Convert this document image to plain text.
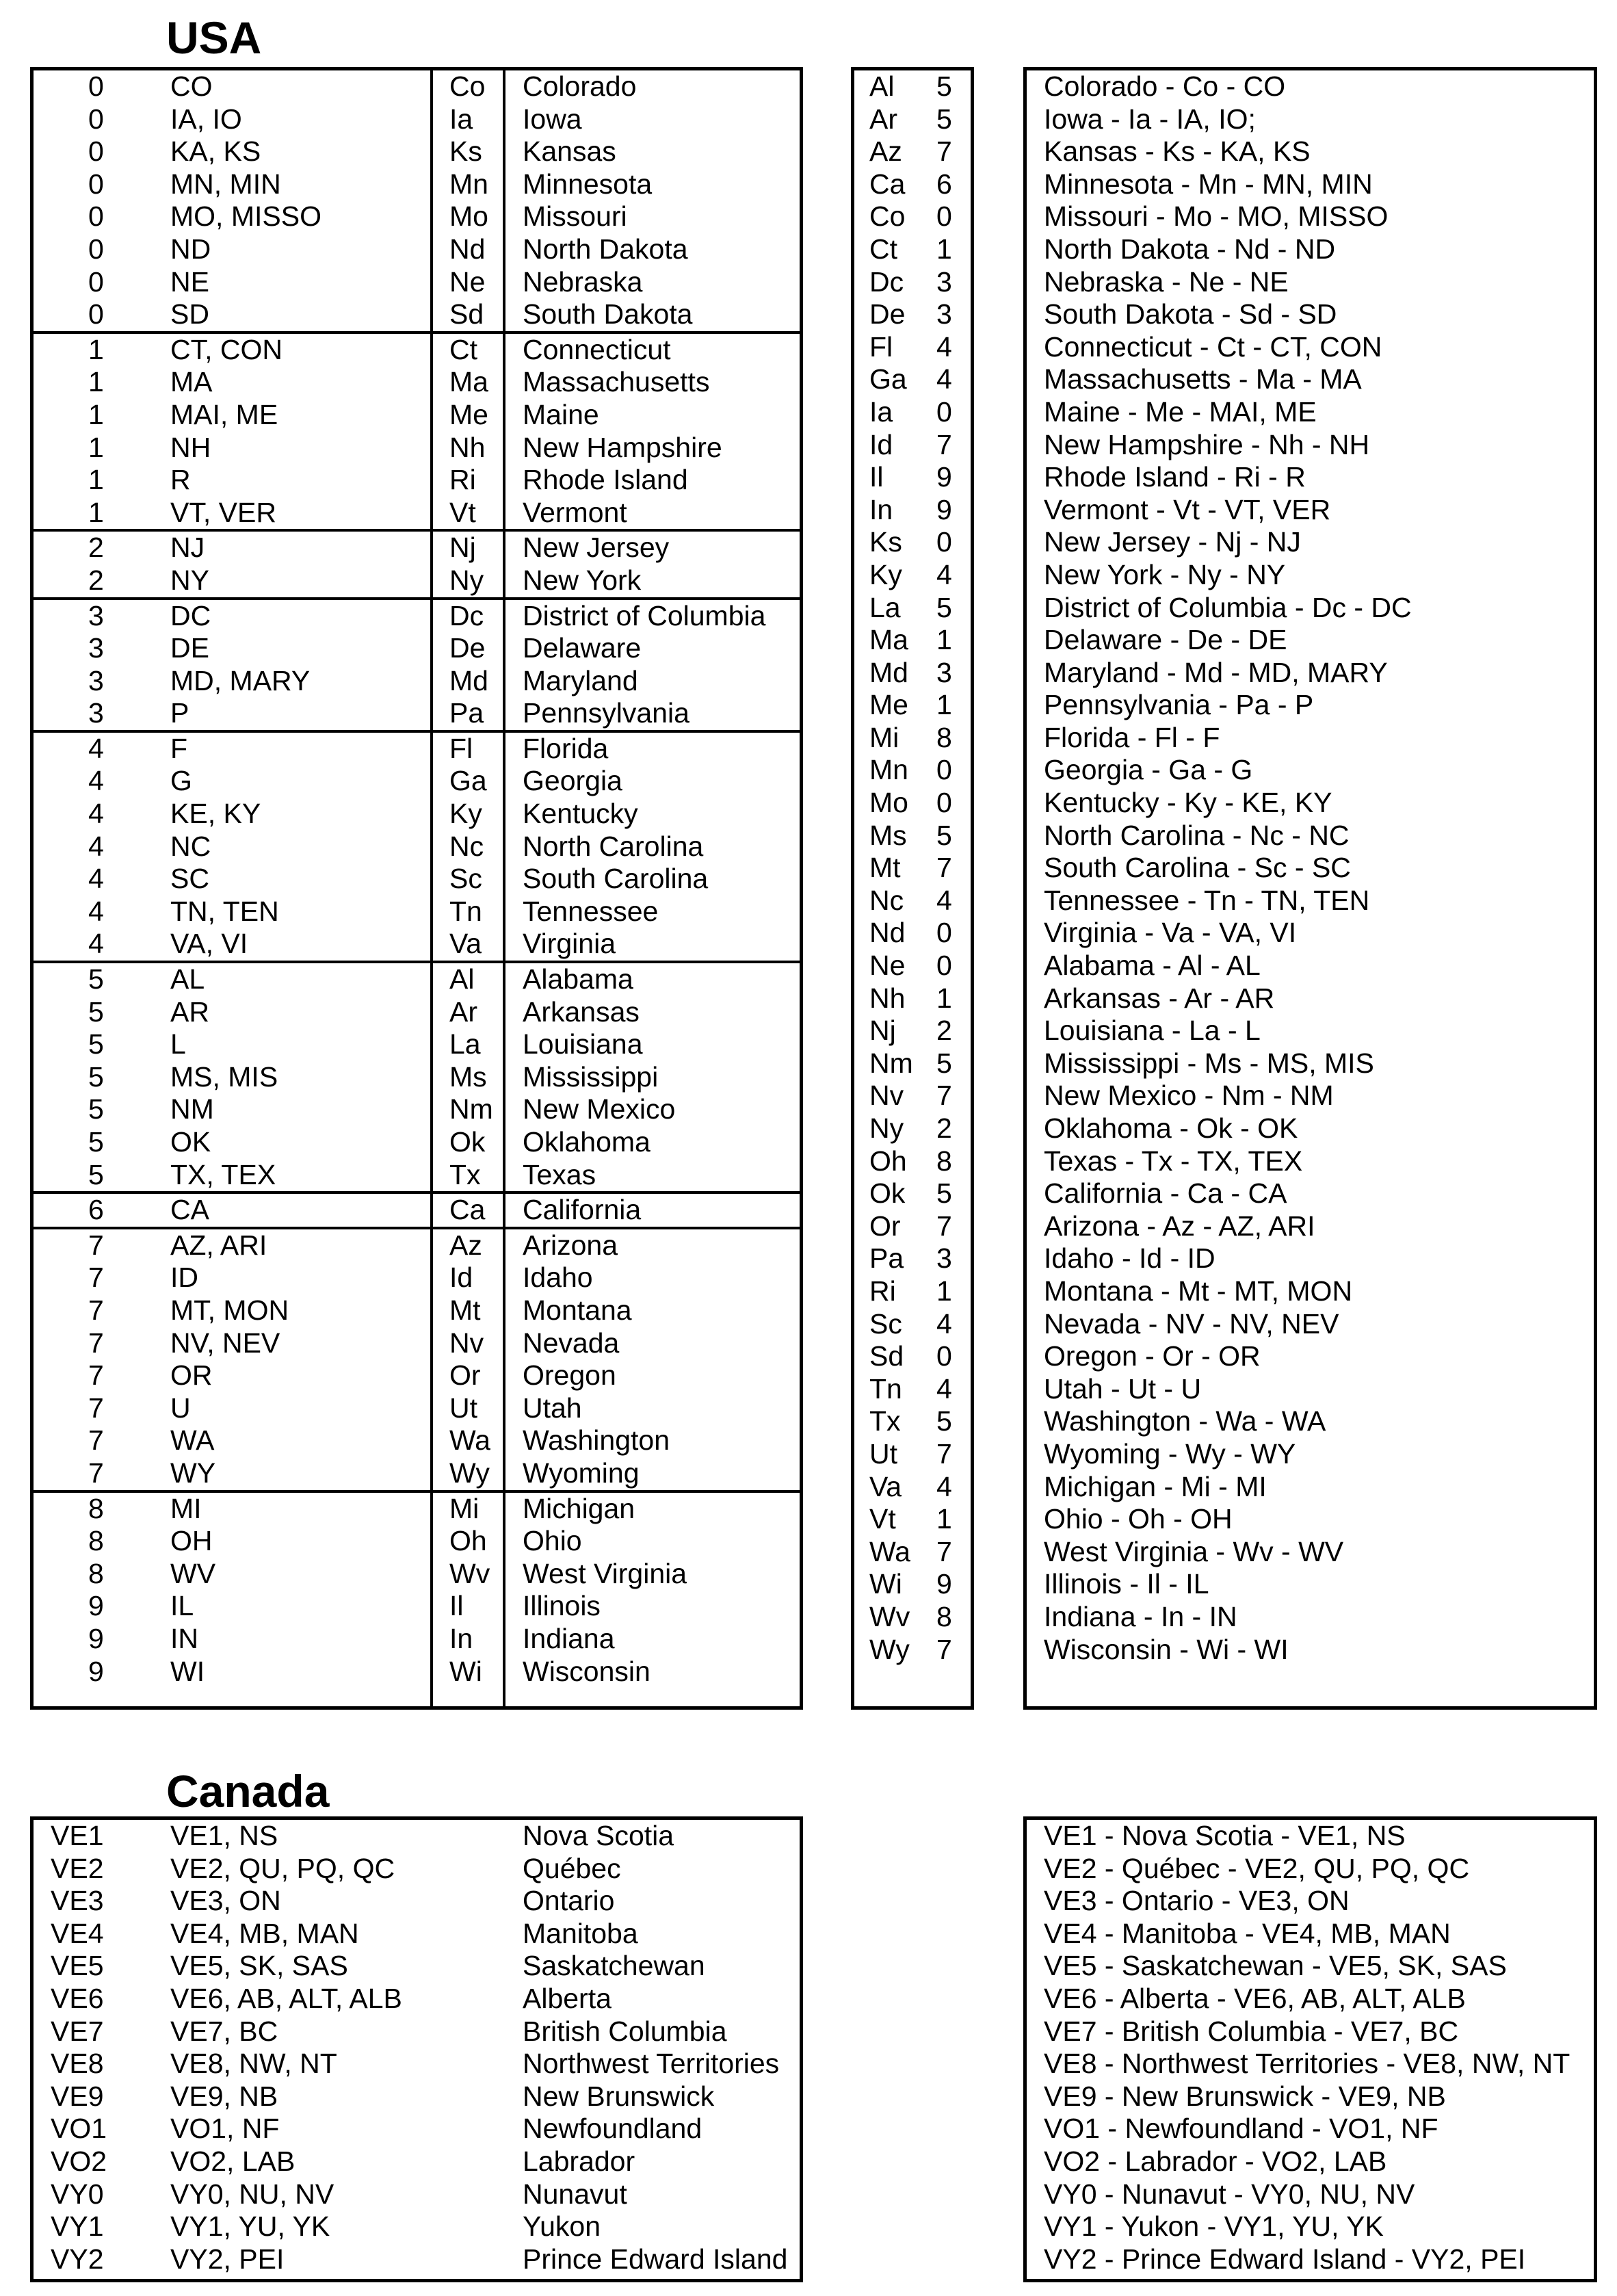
USA
0 CO	Co Colorado
0 IA, IO	Ia Iowa
0 KA, KS	Ks Kansas
0 MN, MIN	Mn Minnesota
0 MO, MISSO	Mo Missouri
0 ND	Nd North Dakota
0 NE	Ne Nebraska
0 SD	Sd South Dakota
1 CT, CON	Ct Connecticut
1 MA	Ma Massachusetts
1 MAI, ME	Me Maine
1 NH	Nh New Hampshire
1 R	Ri Rhode Island
1 VT, VER	Vt Vermont
2 NJ	Nj New Jersey
2 NY	Ny New York
3 DC	Dc District of Columbia
3 DE	De Delaware
3 MD, MARY	Md Maryland
3 P	Pa Pennsylvania
4 F	Fl Florida
4 G	Ga Georgia
4 KE, KY	Ky Kentucky
4 NC	Nc North Carolina
4 SC	Sc South Carolina
4 TN, TEN	Tn Tennessee
4 VA, VI	Va Virginia
5 AL	Al Alabama
5 AR	Ar Arkansas
5 L	La Louisiana
5 MS, MIS	Ms Mississippi
5 NM	Nm New Mexico
5 OK	Ok Oklahoma
5 TX, TEX	Tx Texas
6 CA	Ca California
7 AZ, ARI	Az Arizona
7 ID	Id Idaho
7 MT, MON	Mt Montana
7 NV, NEV	Nv Nevada
7 OR	Or Oregon
7 U	Ut Utah
7 WA	Wa Washington
7 WY	Wy Wyoming
8 MI	Mi Michigan
8 OH	Oh Ohio
8 WV	Wv West Virginia
9 IL	Il Illinois
9 IN	In Indiana
9 WI	Wi Wisconsin
Al 5
Ar 5
Az 7
Ca 6
Co 0
Ct 1
Dc 3
De 3
Fl 4
Ga 4
Ia 0
Id 7
Il 9
In 9
Ks 0
Ky 4
La 5
Ma 1
Md 3
Me 1
Mi 8
Mn 0
Mo 0
Ms 5
Mt 7
Nc 4
Nd 0
Ne 0
Nh 1
Nj 2
Nm 5
Nv 7
Ny 2
Oh 8
Ok 5
Or 7
Pa 3
Ri 1
Sc 4
Sd 0
Tn 4
Tx 5
Ut 7
Va 4
Vt 1
Wa 7
Wi 9
Wv 8
Wy 7
Colorado - Co - CO
Iowa - Ia - IA, IO;
Kansas - Ks - KA, KS
Minnesota - Mn - MN, MIN
Missouri - Mo - MO, MISSO
North Dakota - Nd - ND
Nebraska - Ne - NE
South Dakota - Sd - SD
Connecticut - Ct - CT, CON
Massachusetts - Ma - MA
Maine - Me - MAI, ME
New Hampshire - Nh - NH
Rhode Island - Ri - R
Vermont - Vt - VT, VER
New Jersey - Nj - NJ
New York - Ny - NY
District of Columbia - Dc - DC
Delaware - De - DE
Maryland - Md - MD, MARY
Pennsylvania - Pa - P
Florida - Fl - F
Georgia - Ga - G
Kentucky - Ky - KE, KY
North Carolina - Nc - NC
South Carolina - Sc - SC
Tennessee - Tn - TN, TEN
Virginia - Va - VA, VI
Alabama - Al - AL
Arkansas - Ar - AR
Louisiana - La - L
Mississippi - Ms - MS, MIS
New Mexico - Nm - NM
Oklahoma - Ok - OK
Texas - Tx - TX, TEX
California - Ca - CA
Arizona - Az - AZ, ARI
Idaho - Id - ID
Montana - Mt - MT, MON
Nevada - NV - NV, NEV
Oregon - Or - OR
Utah - Ut - U
Washington - Wa - WA
Wyoming - Wy - WY
Michigan - Mi - MI
Ohio - Oh - OH
West Virginia - Wv - WV
Illinois - Il - IL
Indiana - In - IN
Wisconsin - Wi - WI
Canada
VE1 VE1, NS	Nova Scotia
VE2 VE2, QU, PQ, QC	Québec
VE3 VE3, ON	Ontario
VE4 VE4, MB, MAN	Manitoba
VE5 VE5, SK, SAS	Saskatchewan
VE6 VE6, AB, ALT, ALB	Alberta
VE7 VE7, BC	British Columbia
VE8 VE8, NW, NT	Northwest Territories
VE9 VE9, NB	New Brunswick
VO1 VO1, NF	Newfoundland
VO2 VO2, LAB	Labrador
VY0 VY0, NU, NV	Nunavut
VY1 VY1, YU, YK	Yukon
VY2 VY2, PEI	Prince Edward Island
VE1 - Nova Scotia - VE1, NS
VE2 - Québec - VE2, QU, PQ, QC
VE3 - Ontario - VE3, ON
VE4 - Manitoba - VE4, MB, MAN
VE5 - Saskatchewan - VE5, SK, SAS
VE6 - Alberta - VE6, AB, ALT, ALB
VE7 - British Columbia - VE7, BC
VE8 - Northwest Territories - VE8, NW, NT
VE9 - New Brunswick - VE9, NB
VO1 - Newfoundland - VO1, NF
VO2 - Labrador - VO2, LAB
VY0 - Nunavut - VY0, NU, NV
VY1 - Yukon - VY1, YU, YK
VY2 - Prince Edward Island - VY2, PEI
